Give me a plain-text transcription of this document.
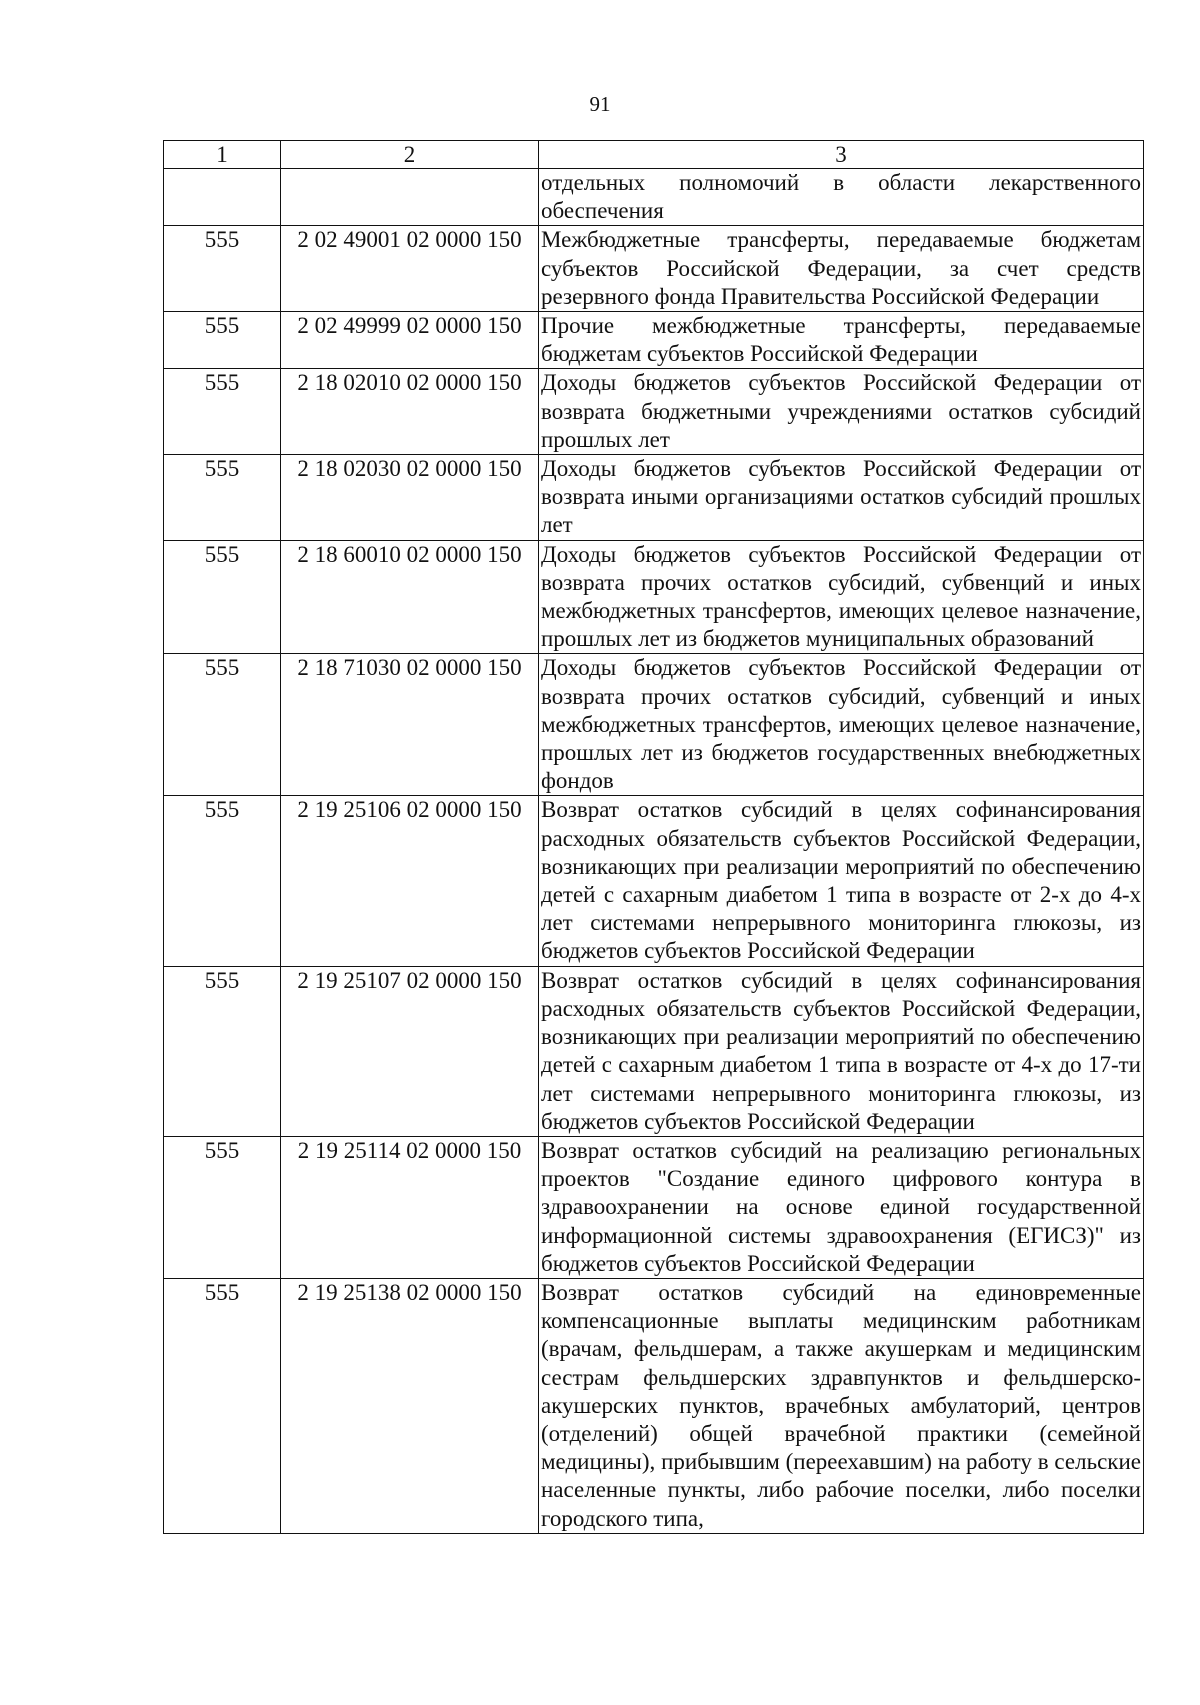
91
1	2	3
		отдельных полномочий в области лекарственного обеспечения
555	2 02 49001 02 0000 150	Межбюджетные трансферты, передаваемые бюджетам субъектов Российской Федерации, за счет средств резервного фонда Правительства Российской Федерации
555	2 02 49999 02 0000 150	Прочие межбюджетные трансферты, передаваемые бюджетам субъектов Российской Федерации
555	2 18 02010 02 0000 150	Доходы бюджетов субъектов Российской Федерации от возврата бюджетными учреждениями остатков субсидий прошлых лет
555	2 18 02030 02 0000 150	Доходы бюджетов субъектов Российской Федерации от возврата иными организациями остатков субсидий прошлых лет
555	2 18 60010 02 0000 150	Доходы бюджетов субъектов Российской Федерации от возврата прочих остатков субсидий, субвенций и иных межбюджетных трансфертов, имеющих целевое назначение, прошлых лет из бюджетов муниципальных образований
555	2 18 71030 02 0000 150	Доходы бюджетов субъектов Российской Федерации от возврата прочих остатков субсидий, субвенций и иных межбюджетных трансфертов, имеющих целевое назначение, прошлых лет из бюджетов государственных внебюджетных фондов
555	2 19 25106 02 0000 150	Возврат остатков субсидий в целях софинансирования расходных обязательств субъектов Российской Федерации, возникающих при реализации мероприятий по обеспечению детей с сахарным диабетом 1 типа в возрасте от 2-х до 4-х лет системами непрерывного мониторинга глюкозы, из бюджетов субъектов Российской Федерации
555	2 19 25107 02 0000 150	Возврат остатков субсидий в целях софинансирования расходных обязательств субъектов Российской Федерации, возникающих при реализации мероприятий по обеспечению детей с сахарным диабетом 1 типа в возрасте от 4-х до 17-ти лет системами непрерывного мониторинга глюкозы, из бюджетов субъектов Российской Федерации
555	2 19 25114 02 0000 150	Возврат остатков субсидий на реализацию региональных проектов "Создание единого цифрового контура в здравоохранении на основе единой государственной информационной системы здравоохранения (ЕГИСЗ)" из бюджетов субъектов Российской Федерации
555	2 19 25138 02 0000 150	Возврат остатков субсидий на единовременные компенсационные выплаты медицинским работникам (врачам, фельдшерам, а также акушеркам и медицинским сестрам фельдшерских здравпунктов и фельдшерско-акушерских пунктов, врачебных амбулаторий, центров (отделений) общей врачебной практики (семейной медицины), прибывшим (переехавшим) на работу в сельские населенные пункты, либо рабочие поселки, либо поселки городского типа,
